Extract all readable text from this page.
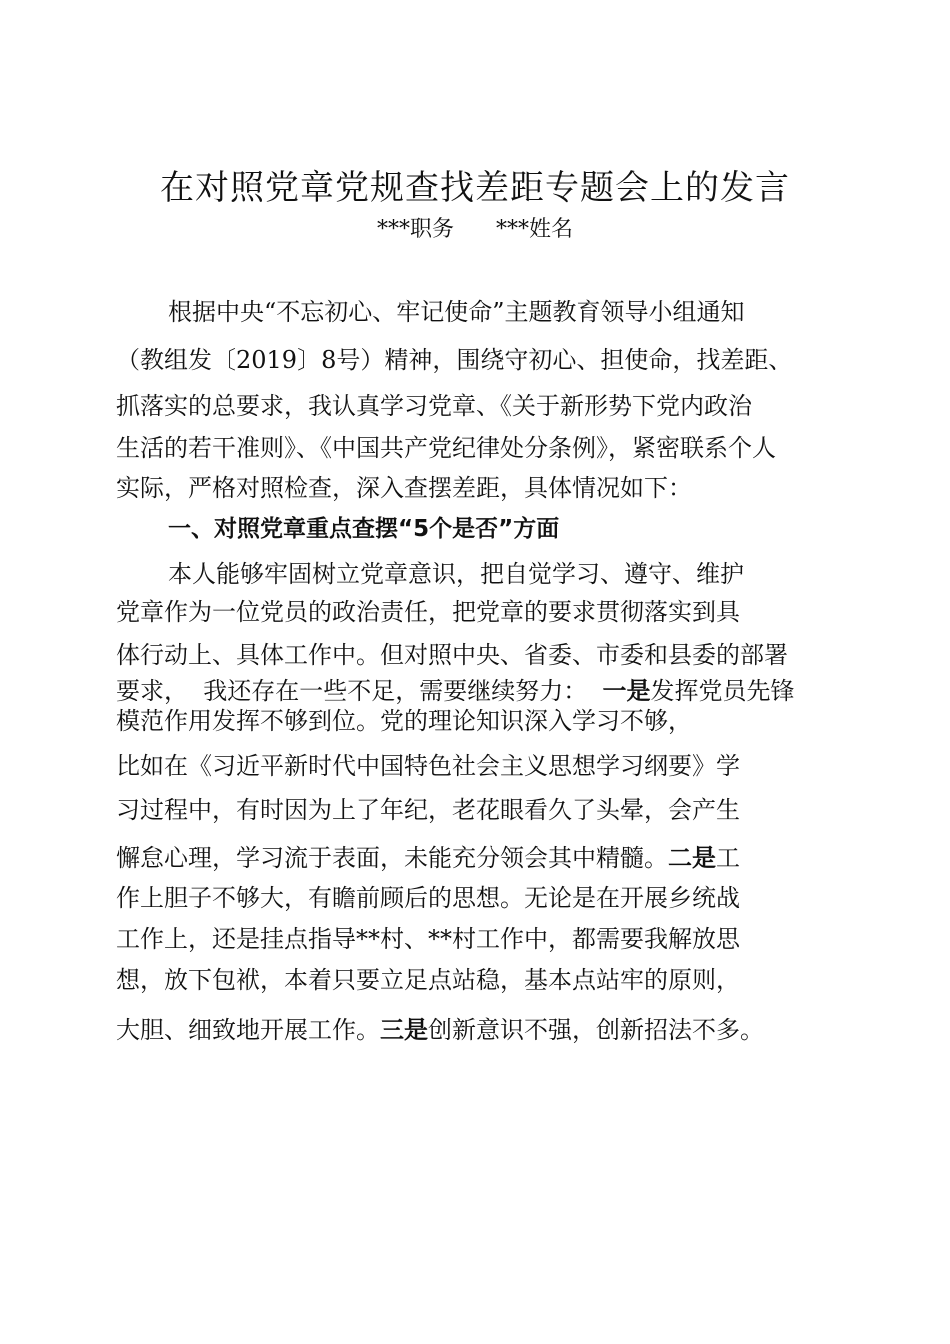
在对照党章党规查找差距专题会上的发言
***职务      ***姓名
根据中央“不忘初心、牢记使命”主题教育领导小组通知
（教组发〔2019〕8号）精神，围绕守初心、担使命，找差距、
抓落实的总要求，我认真学习党章、《关于新形势下党内政治
生活的若干准则》、《中国共产党纪律处分条例》，紧密联系个人
实际，严格对照检查，深入查摆差距，具体情况如下：
一、对照党章重点查摆“5个是否”方面
本人能够牢固树立党章意识，把自觉学习、遵守、维护
党章作为一位党员的政治责任，把党章的要求贯彻落实到具
体行动上、具体工作中。但对照中央、省委、市委和县委的部署
要求，  我还存在一些不足，需要继续努力：  一是发挥党员先锋
模范作用发挥不够到位。党的理论知识深入学习不够，
比如在《习近平新时代中国特色社会主义思想学习纲要》学
习过程中，有时因为上了年纪，老花眼看久了头晕，会产生
懈怠心理，学习流于表面，未能充分领会其中精髓。二是工
作上胆子不够大，有瞻前顾后的思想。无论是在开展乡统战
工作上，还是挂点指导**村、**村工作中，都需要我解放思
想，放下包袱，本着只要立足点站稳，基本点站牢的原则，
大胆、细致地开展工作。三是创新意识不强，创新招法不多。
